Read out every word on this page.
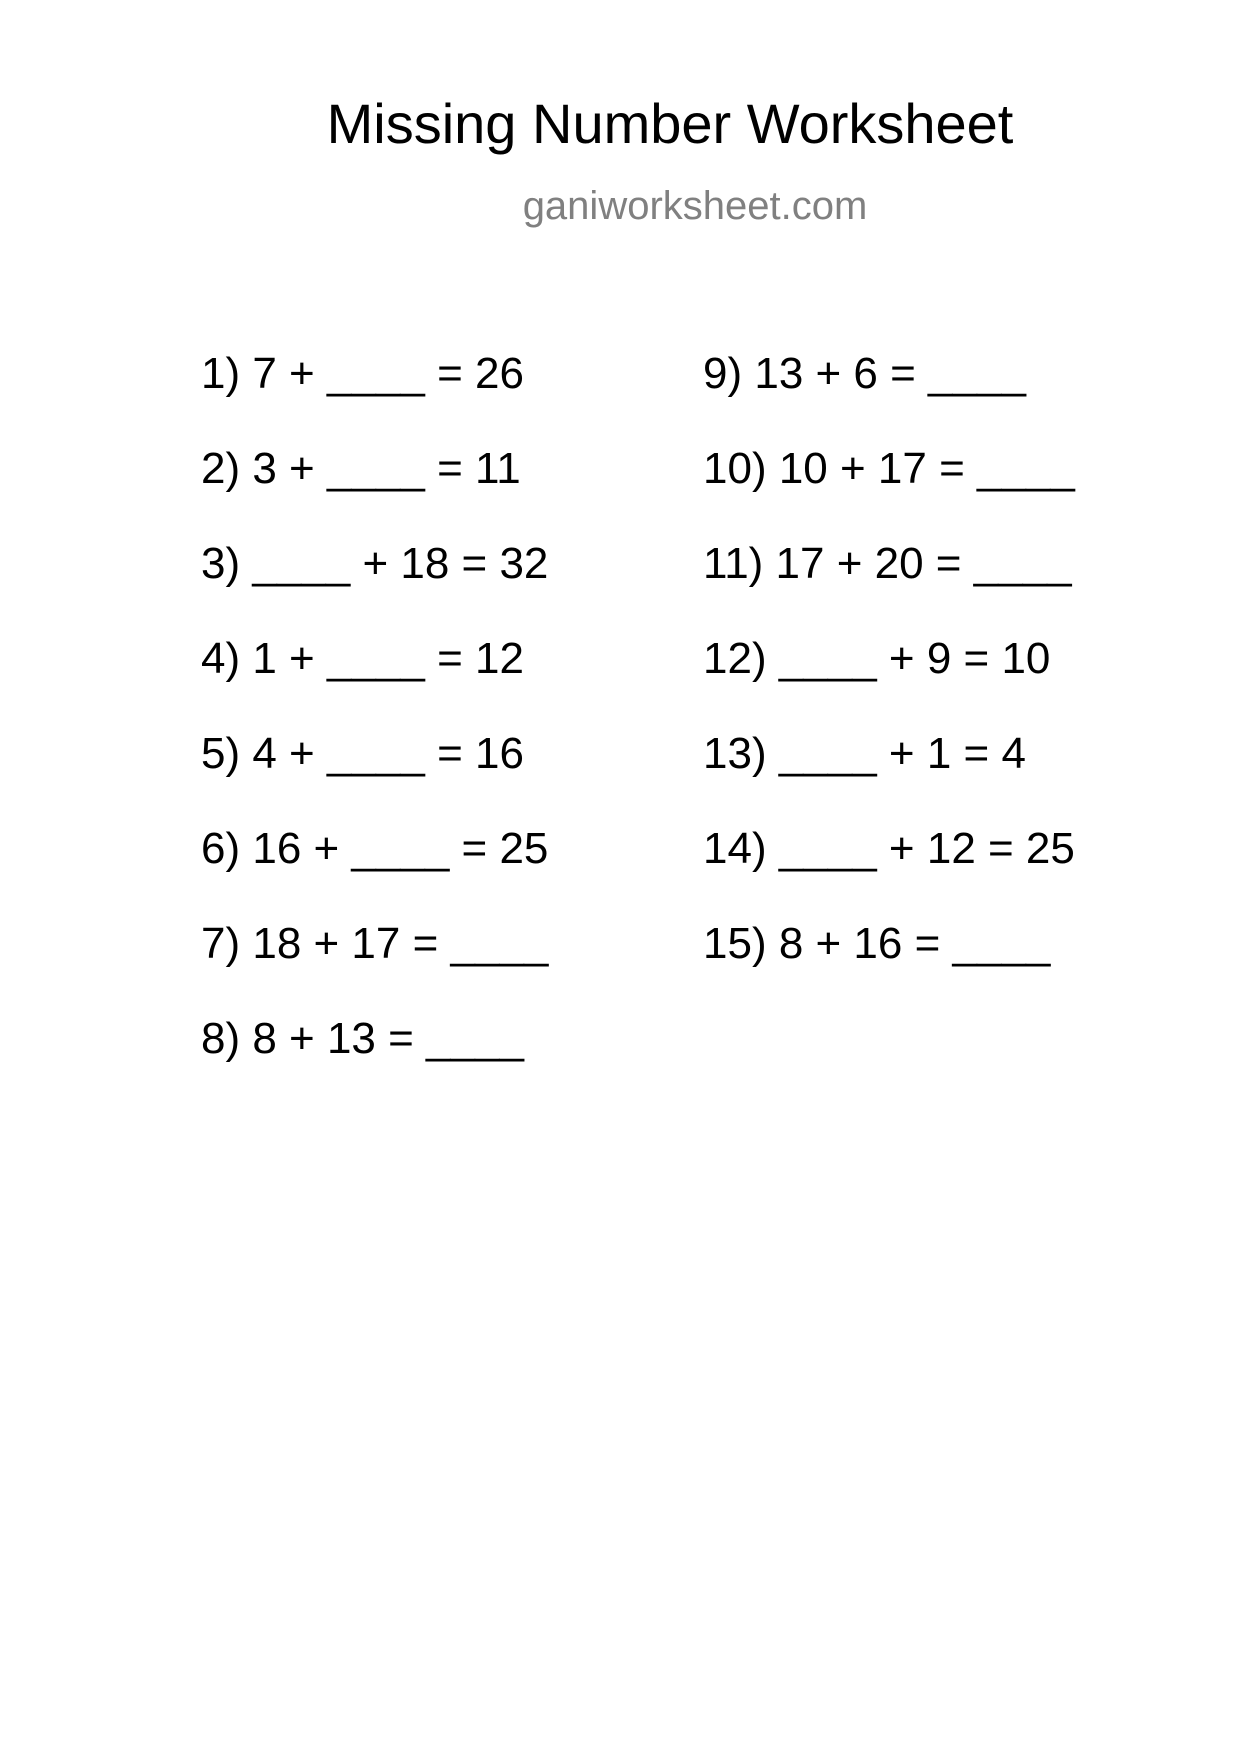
Missing Number Worksheet
ganiworksheet.com
1) 7 + ____ = 26
2) 3 + ____ = 11
3) ____ + 18 = 32
4) 1 + ____ = 12
5) 4 + ____ = 16
6) 16 + ____ = 25
7) 18 + 17 = ____
8) 8 + 13 = ____
9) 13 + 6 = ____
10) 10 + 17 = ____
11) 17 + 20 = ____
12) ____ + 9 = 10
13) ____ + 1 = 4
14) ____ + 12 = 25
15) 8 + 16 = ____
